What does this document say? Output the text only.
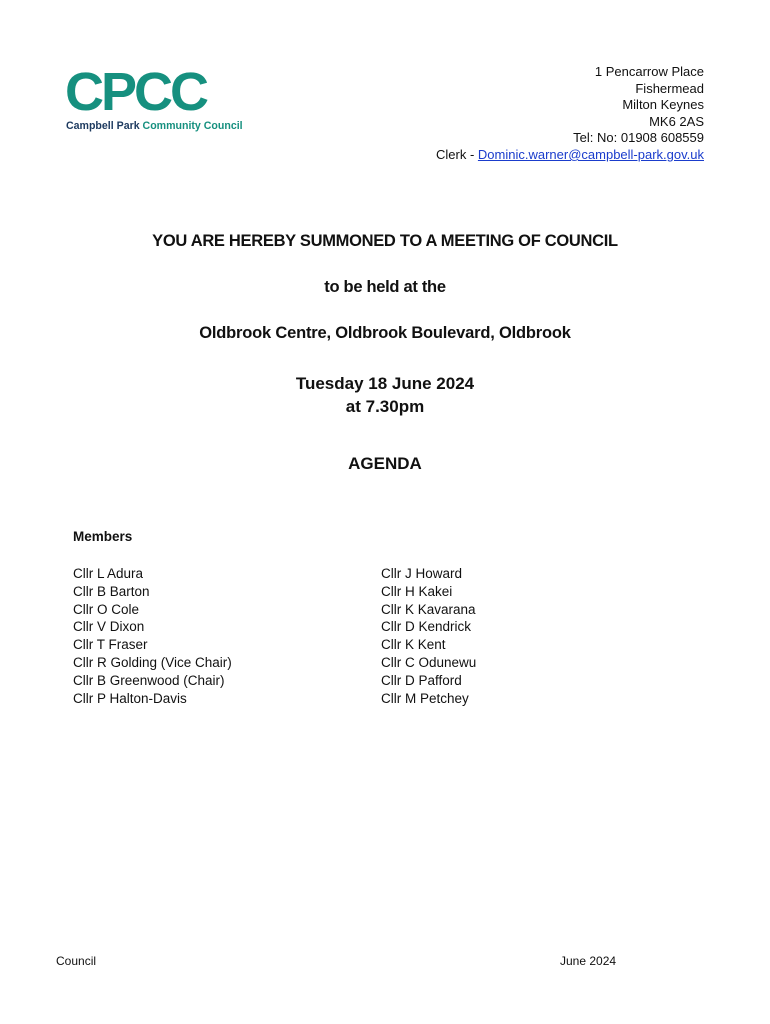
CPCC
Campbell Park Community Council
1 Pencarrow Place
Fishermead
Milton Keynes
MK6 2AS
Tel: No: 01908 608559
Clerk - Dominic.warner@campbell-park.gov.uk
YOU ARE HEREBY SUMMONED TO A MEETING OF COUNCIL
to be held at the
Oldbrook Centre, Oldbrook Boulevard, Oldbrook
Tuesday 18 June 2024
at 7.30pm
AGENDA
Members
Cllr L Adura
Cllr B Barton
Cllr O Cole
Cllr V Dixon
Cllr T Fraser
Cllr R Golding (Vice Chair)
Cllr B Greenwood (Chair)
Cllr P Halton-Davis
Cllr J Howard
Cllr H Kakei
Cllr K Kavarana
Cllr D Kendrick
Cllr K Kent
Cllr C Odunewu
Cllr D Pafford
Cllr M Petchey
Council	June 2024
